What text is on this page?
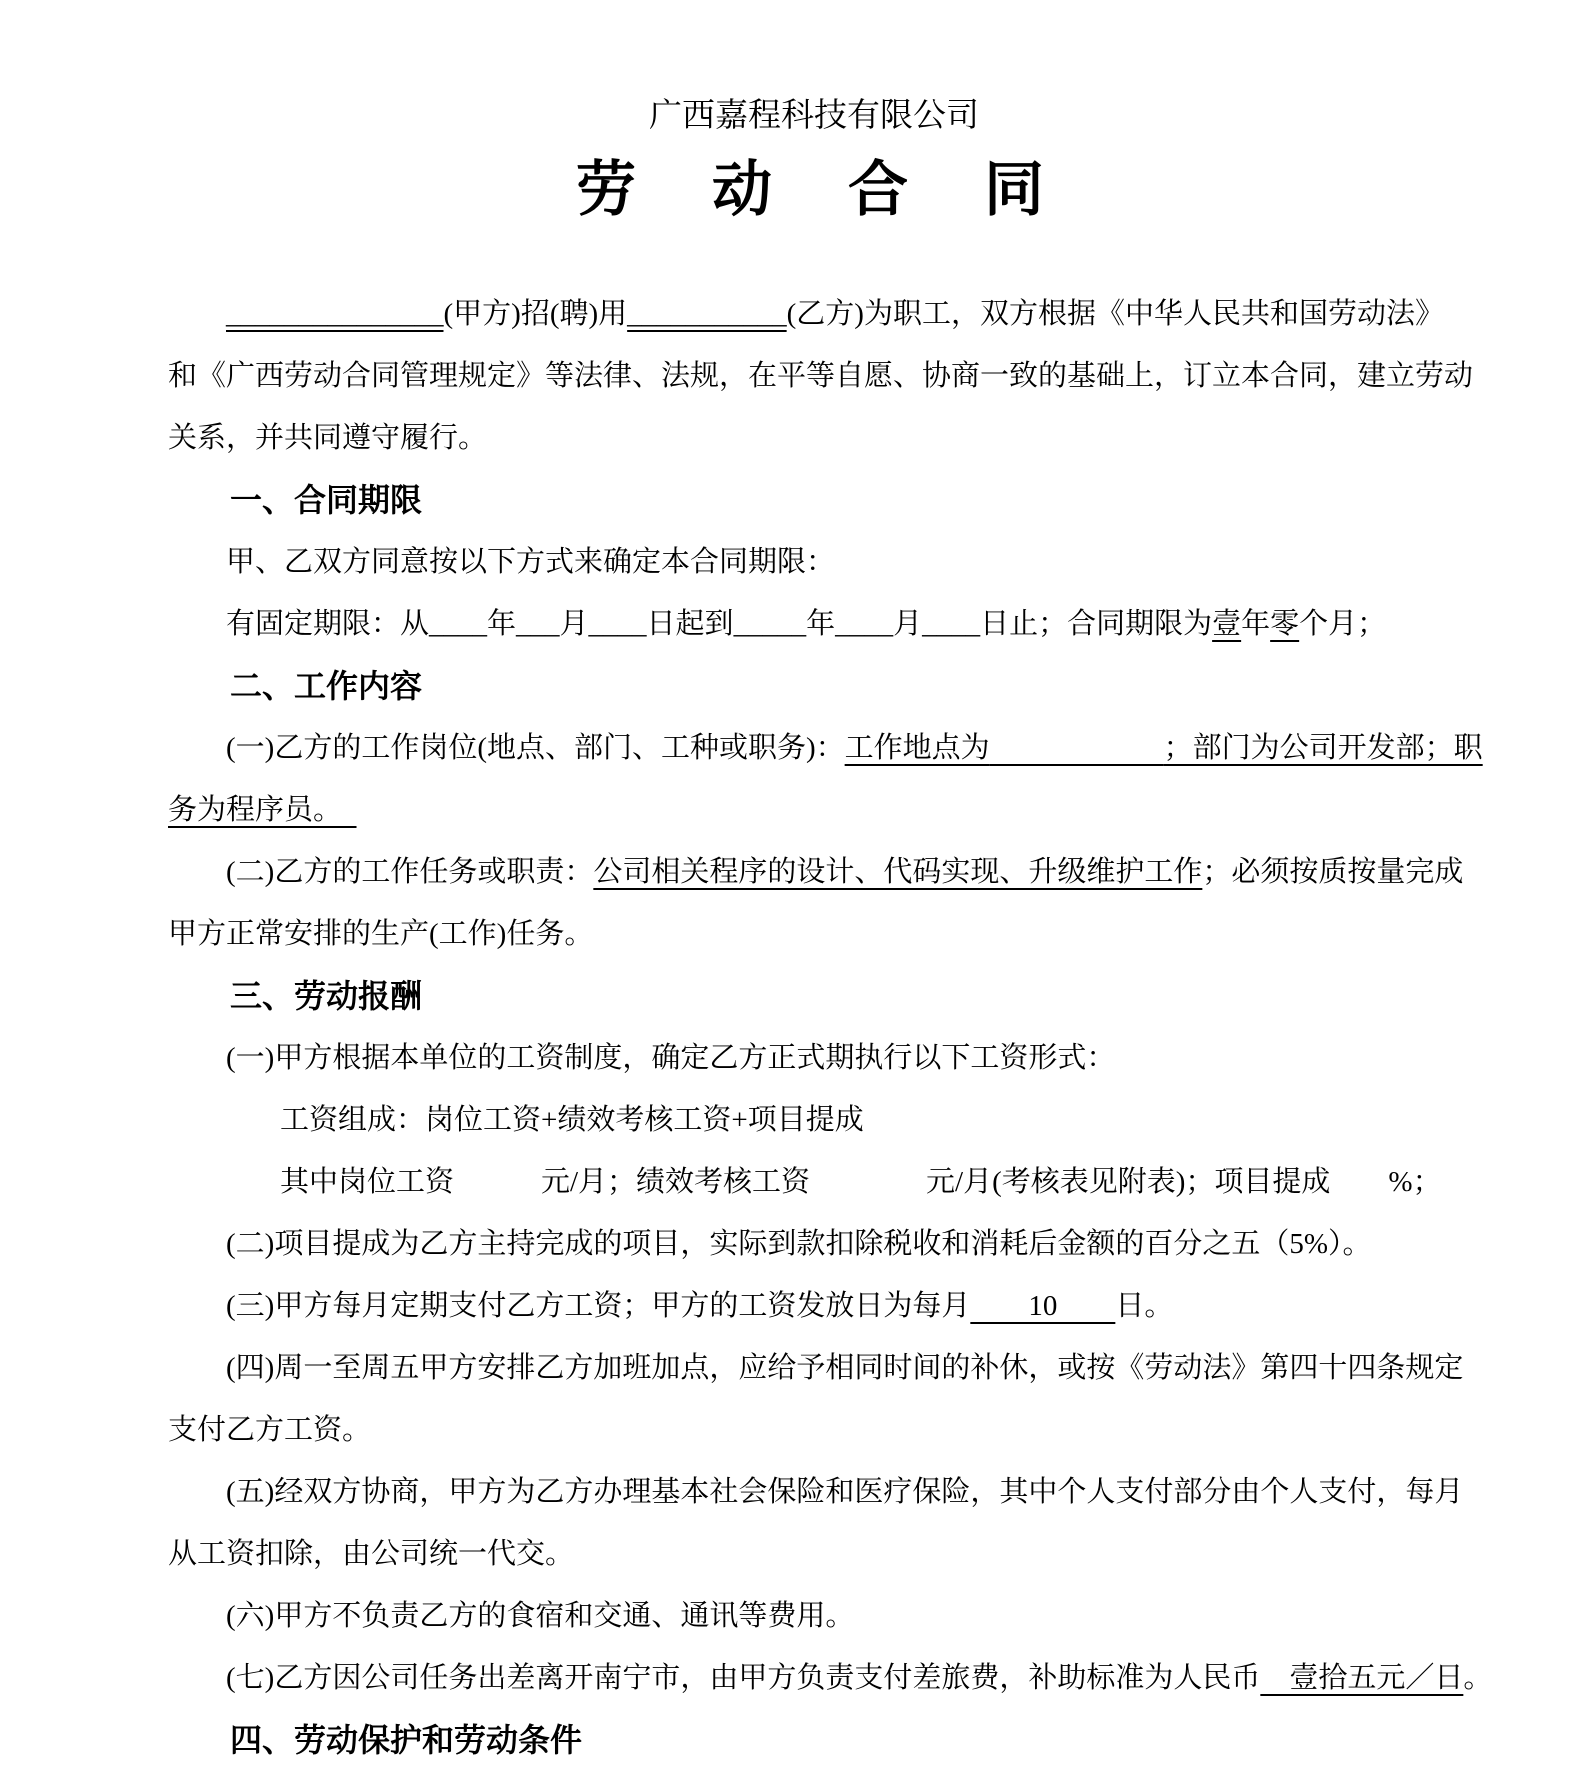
广西嘉程科技有限公司
劳　动　合　同
_______________(甲方)招(聘)用___________(乙方)为职工，双方根据《中华人民共和国劳动法》
和《广西劳动合同管理规定》等法律、法规，在平等自愿、协商一致的基础上，订立本合同，建立劳动
关系，并共同遵守履行。
一、合同期限
甲、乙双方同意按以下方式来确定本合同期限：
有固定期限：从____年___月____日起到_____年____月____日止；合同期限为壹年零个月；
二、工作内容
(一)乙方的工作岗位(地点、部门、工种或职务)：工作地点为　　　　　　	；部门为公司开发部；职
务为程序员。　
(二)乙方的工作任务或职责：公司相关程序的设计、代码实现、升级维护工作；必须按质按量完成
甲方正常安排的生产(工作)任务。
三、劳动报酬
(一)甲方根据本单位的工资制度，确定乙方正式期执行以下工资形式：
工资组成：岗位工资+绩效考核工资+项目提成
其中岗位工资　　　元/月；绩效考核工资　　　　元/月(考核表见附表)；项目提成　　%；
(二)项目提成为乙方主持完成的项目，实际到款扣除税收和消耗后金额的百分之五（5%）。
(三)甲方每月定期支付乙方工资；甲方的工资发放日为每月　　10　　日。
(四)周一至周五甲方安排乙方加班加点，应给予相同时间的补休，或按《劳动法》第四十四条规定
支付乙方工资。
(五)经双方协商，甲方为乙方办理基本社会保险和医疗保险，其中个人支付部分由个人支付，每月
从工资扣除，由公司统一代交。
(六)甲方不负责乙方的食宿和交通、通讯等费用。
(七)乙方因公司任务出差离开南宁市，由甲方负责支付差旅费，补助标准为人民币　壹拾五元／日。
四、劳动保护和劳动条件
